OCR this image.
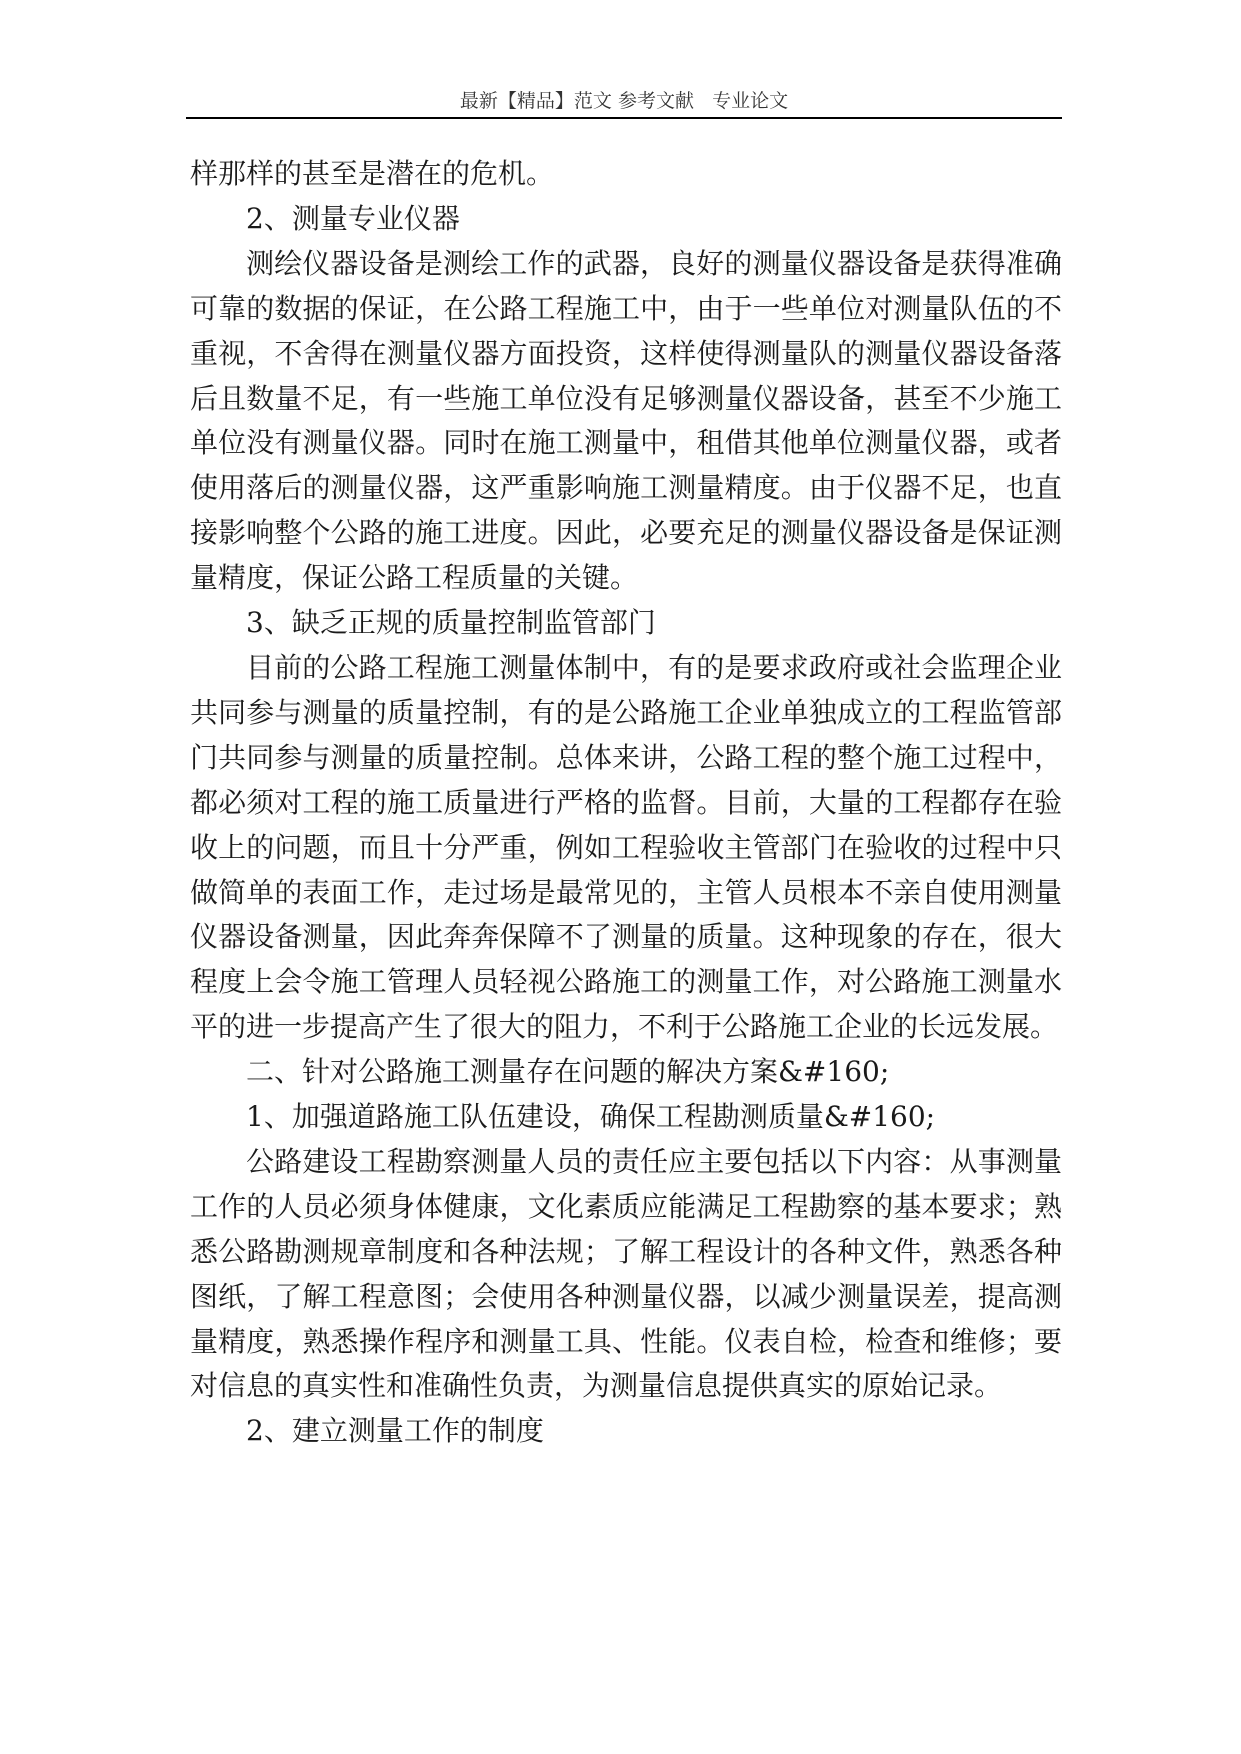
最新【精品】范文 参考文献   专业论文

样那样的甚至是潜在的危机。

2、测量专业仪器

测绘仪器设备是测绘工作的武器，良好的测量仪器设备是获得准确可靠的数据的保证，在公路工程施工中，由于一些单位对测量队伍的不重视，不舍得在测量仪器方面投资，这样使得测量队的测量仪器设备落后且数量不足，有一些施工单位没有足够测量仪器设备，甚至不少施工单位没有测量仪器。同时在施工测量中，租借其他单位测量仪器，或者使用落后的测量仪器，这严重影响施工测量精度。由于仪器不足，也直接影响整个公路的施工进度。因此，必要充足的测量仪器设备是保证测量精度，保证公路工程质量的关键。

3、缺乏正规的质量控制监管部门

目前的公路工程施工测量体制中，有的是要求政府或社会监理企业共同参与测量的质量控制，有的是公路施工企业单独成立的工程监管部门共同参与测量的质量控制。总体来讲，公路工程的整个施工过程中，都必须对工程的施工质量进行严格的监督。目前，大量的工程都存在验收上的问题，而且十分严重，例如工程验收主管部门在验收的过程中只做简单的表面工作，走过场是最常见的，主管人员根本不亲自使用测量仪器设备测量，因此奔奔保障不了测量的质量。这种现象的存在，很大程度上会令施工管理人员轻视公路施工的测量工作，对公路施工测量水平的进一步提高产生了很大的阻力，不利于公路施工企业的长远发展。

二、针对公路施工测量存在问题的解决方案&#160;

1、加强道路施工队伍建设，确保工程勘测质量&#160;

公路建设工程勘察测量人员的责任应主要包括以下内容：从事测量工作的人员必须身体健康，文化素质应能满足工程勘察的基本要求；熟悉公路勘测规章制度和各种法规；了解工程设计的各种文件，熟悉各种图纸，了解工程意图；会使用各种测量仪器，以减少测量误差，提高测量精度，熟悉操作程序和测量工具、性能。仪表自检，检查和维修；要对信息的真实性和准确性负责，为测量信息提供真实的原始记录。

2、建立测量工作的制度
